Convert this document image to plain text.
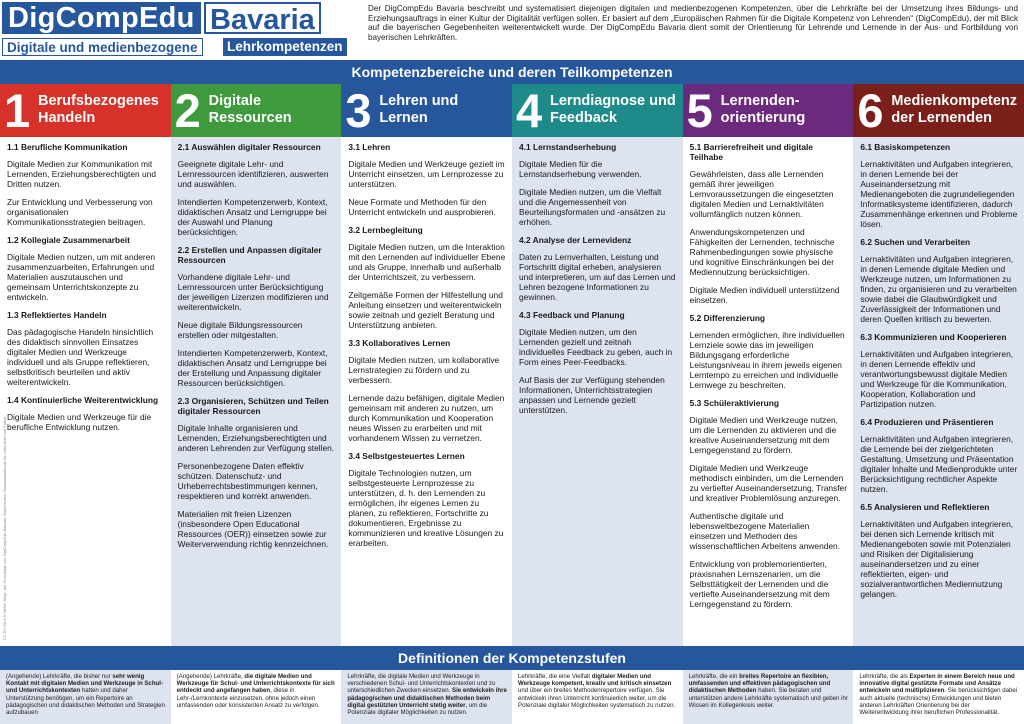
DigCompEdu Bavaria
Digitale und medienbezogene	Lehrkompetenzen
Der DigCompEdu Bavaria beschreibt und systematisiert diejenigen digitalen und medienbezogenen Kompetenzen, über die Lehrkräfte bei der Umsetzung ihres Bildungs- und Erziehungsauftrags in einer Kultur der Digitalität verfügen sollen. Er basiert auf dem „Europäischen Rahmen für die Digitale Kompetenz von Lehrenden“ (DigCompEdu), der mit Blick auf die bayerischen Gegebenheiten weiterentwickelt wurde. Der DigCompEdu Bavaria dient somit der Orientierung für Lehrende und Lernende in der Aus- und Fortbildung von bayerischen Lehrkräften.
Kompetenzbereiche und deren Teilkompetenzen
1 Berufsbezogenes Handeln
1.1 Berufliche Kommunikation

Digitale Medien zur Kommunikation mit Lernenden, Erziehungsberechtigten und Dritten nutzen.

Zur Entwicklung und Verbesserung von organisationalen Kommunikationsstrategien beitragen.

1.2 Kollegiale Zusammenarbeit

Digitale Medien nutzen, um mit anderen zusammenzuarbeiten, Erfahrungen und Materialien auszutauschen und gemeinsam Unterrichtskonzepte zu entwickeln.

1.3 Reflektiertes Handeln

Das pädagogische Handeln hinsichtlich des didaktisch sinnvollen Einsatzes digitaler Medien und Werkzeuge individuell und als Gruppe reflektieren, selbstkritisch beurteilen und aktiv weiterentwickeln.

1.4 Kontinuierliche Weiterentwicklung

Digitale Medien und Werkzeuge für die berufliche Entwicklung nutzen.

2 Digitale Ressourcen
2.1 Auswählen digitaler Ressourcen

Geeignete digitale Lehr- und Lernressourcen identifizieren, auswerten und auswählen.

Intendierten Kompetenzerwerb, Kontext, didaktischen Ansatz und Lerngruppe bei der Auswahl und Planung berücksichtigen.

2.2 Erstellen und Anpassen digitaler Ressourcen

Vorhandene digitale Lehr- und Lernressourcen unter Berücksichtigung der jeweiligen Lizenzen modifizieren und weiterentwickeln.

Neue digitale Bildungsressourcen erstellen oder mitgestalten.

Intendierten Kompetenzerwerb, Kontext, didaktischen Ansatz und Lerngruppe bei der Erstellung und Anpassung digitaler Ressourcen berücksichtigen.

2.3 Organisieren, Schützen und Teilen digitaler Ressourcen

Digitale Inhalte organisieren und Lernenden, Erziehungsberechtigten und anderen Lehrenden zur Verfügung stellen.

Personenbezogene Daten effektiv schützen. Datenschutz- und Urheberrechtsbestimmungen kennen, respektieren und korrekt anwenden.

Materialien mit freien Lizenzen (insbesondere Open Educational Ressources (OER)) einsetzen sowie zur Weiterverwendung richtig kennzeichnen.

3 Lehren und Lernen
3.1 Lehren

Digitale Medien und Werkzeuge gezielt im Unterricht einsetzen, um Lernprozesse zu unterstützen.

Neue Formate und Methoden für den Unterricht entwickeln und ausprobieren.

3.2 Lernbegleitung

Digitale Medien nutzen, um die Interaktion mit den Lernenden auf individueller Ebene und als Gruppe, innerhalb und außerhalb der Unterrichtszeit, zu verbessern.

Zeitgemäße Formen der Hilfestellung und Anleitung einsetzen und weiterentwickeln sowie zeitnah und gezielt Beratung und Unterstützung anbieten.

3.3 Kollaboratives Lernen

Digitale Medien nutzen, um kollaborative Lernstrategien zu fördern und zu verbessern.

Lernende dazu befähigen, digitale Medien gemeinsam mit anderen zu nutzen, um durch Kommunikation und Kooperation neues Wissen zu erarbeiten und mit vorhandenem Wissen zu vernetzen.

3.4 Selbstgesteuertes Lernen

Digitale Technologien nutzen, um selbstgesteuerte Lernprozesse zu unterstützen, d. h. den Lernenden zu ermöglichen, ihr eigenes Lernen zu planen, zu reflektieren, Fortschritte zu dokumentieren, Ergebnisse zu kommunizieren und kreative Lösungen zu erarbeiten.

4 Lerndiagnose und Feedback
4.1 Lernstandserhebung

Digitale Medien für die Lernstandserhebung verwenden.

Digitale Medien nutzen, um die Vielfalt und die Angemessenheit von Beurteilungsformaten und -ansätzen zu erhöhen.

4.2 Analyse der Lernevidenz

Daten zu Lernverhalten, Leistung und Fortschritt digital erheben, analysieren und interpretieren, um auf das Lernen und Lehren bezogene Informationen zu gewinnen.

4.3 Feedback und Planung

Digitale Medien nutzen, um den Lernenden gezielt und zeitnah individuelles Feedback zu geben, auch in Form eines Peer-Feedbacks.

Auf Basis der zur Verfügung stehenden Informationen, Unterrichtsstrategien anpassen und Lernende gezielt unterstützen.

5 Lernenden-orientierung
5.1 Barrierefreiheit und digitale Teilhabe

Gewährleisten, dass alle Lernenden gemäß ihrer jeweiligen Lernvoraussetzungen die eingesetzten digitalen Medien und Lernaktivitäten vollumfänglich nutzen können.

Anwendungskompetenzen und Fähigkeiten der Lernenden, technische Rahmenbedingungen sowie physische und kognitive Einschränkungen bei der Mediennutzung berücksichtigen.

Digitale Medien individuell unterstützend einsetzen.

5.2 Differenzierung

Lernenden ermöglichen, ihre individuellen Lernziele sowie das im jeweiligen Bildungsgang erforderliche Leistungsniveau in ihrem jeweils eigenen Lerntempo zu erreichen und individuelle Lernwege zu beschreiten.

5.3 Schüleraktivierung

Digitale Medien und Werkzeuge nutzen, um die Lernenden zu aktivieren und die kreative Auseinandersetzung mit dem Lerngegenstand zu fördern.

Digitale Medien und Werkzeuge methodisch einbinden, um die Lernenden zu vertiefter Auseinandersetzung, Transfer und kreativer Problemlösung anzuregen.

Authentische digitale und lebensweltbezogene Materialien einsetzen und Methoden des wissenschaftlichen Arbeitens anwenden.

Entwicklung von problemorientierten, praxisnahen Lernszenarien, um die Selbsttätigkeit der Lernenden und die vertiefte Auseinandersetzung mit dem Lerngegenstand zu fördern.

6 Medienkompetenz der Lernenden
6.1 Basiskompetenzen

Lernaktivitäten und Aufgaben integrieren, in denen Lernende bei der Auseinandersetzung mit Medienangeboten die zugrundeliegenden Informatiksysteme identifizieren, dadurch Zusammenhänge erkennen und Probleme lösen.

6.2 Suchen und Verarbeiten

Lernaktivitäten und Aufgaben integrieren, in denen Lernende digitale Medien und Werkzeuge nutzen, um Informationen zu finden, zu organisieren und zu verarbeiten sowie dabei die Glaubwürdigkeit und Zuverlässigkeit der Informationen und deren Quellen kritisch zu bewerten.

6.3 Kommunizieren und Kooperieren

Lernaktivitäten und Aufgaben integrieren, in denen Lernende effektiv und verantwortungsbewusst digitale Medien und Werkzeuge für die Kommunikation, Kooperation, Kollaboration und Partizipation nutzen.

6.4 Produzieren und Präsentieren

Lernaktivitäten und Aufgaben integrieren, die Lernende bei der zielgerichteten Gestaltung, Umsetzung und Präsentation digitaler Inhalte und Medienprodukte unter Berücksichtigung rechtlicher Aspekte nutzen.

6.5 Analysieren und Reflektieren

Lernaktivitäten und Aufgaben integrieren, bei denen sich Lernende kritisch mit Medienangeboten sowie mit Potenzialen und Risiken der Digitalisierung auseinandersetzen und zu einer reflektierten, eigen- und sozialverantwortlichen Mediennutzung gelangen.

CC BY-SA 4.0 Stefan Mayr, auf Grundlage von DigCompEdu Bavaria, Bayerisches Staatsministerium für Unterricht und Kultus
Definitionen der Kompetenzstufen
(Angehende) Lehrkräfte, die bisher nur sehr wenig Kontakt mit digitalen Medien und Werkzeuge in Schul- und Unterrichtskontexten hatten und daher Unterstützung benötigen, um ein Repertoire an pädagogischen und didaktischen Methoden und Strategien aufzubauen
(Angehende) Lehrkräfte, die digitale Medien und Werkzeuge für Schul- und Unterrichtskontexte für sich entdeckt und angefangen haben, diese in Lehr-/Lernkontexte einzusetzen, ohne jedoch einen umfassenden oder konsistenten Ansatz zu verfolgen.
Lehrkräfte, die digitale Medien und Werkzeuge in verschiedenen Schul- und Unterrichtskontexten und zu unterschiedlichen Zwecken einsetzen. Sie entwickeln ihre pädagogischen und didaktischen Methoden beim digital gestützten Unterricht stetig weiter, um die Potenziale digitaler Möglichkeiten zu nutzen.
Lehrkräfte, die eine Vielfalt digitaler Medien und Werkzeuge kompetent, kreativ und kritisch einsetzen und über ein breites Methodenrepertoire verfügen. Sie entwickeln ihren Unterricht kontinuierlich weiter, um die Potenziale digitaler Möglichkeiten systematisch zu nutzen.
Lehrkräfte, die ein breites Repertoire an flexiblen, umfassenden und effektiven pädagogischen und didaktischen Methoden haben. Sie beraten und unterstützen andere Lehrkräfte systematisch und geben ihr Wissen im Kollegenkreis weiter.
Lehrkräfte, die als Experten in einem Bereich neue und innovative digital gestützte Formate und Ansätze entwickeln und multiplizieren. Sie berücksichtigen dabei auch aktuelle (technische) Entwicklungen und bieten anderen Lehrkräften Orientierung bei der Weiterentwicklung ihrer beruflichen Professionalität.
